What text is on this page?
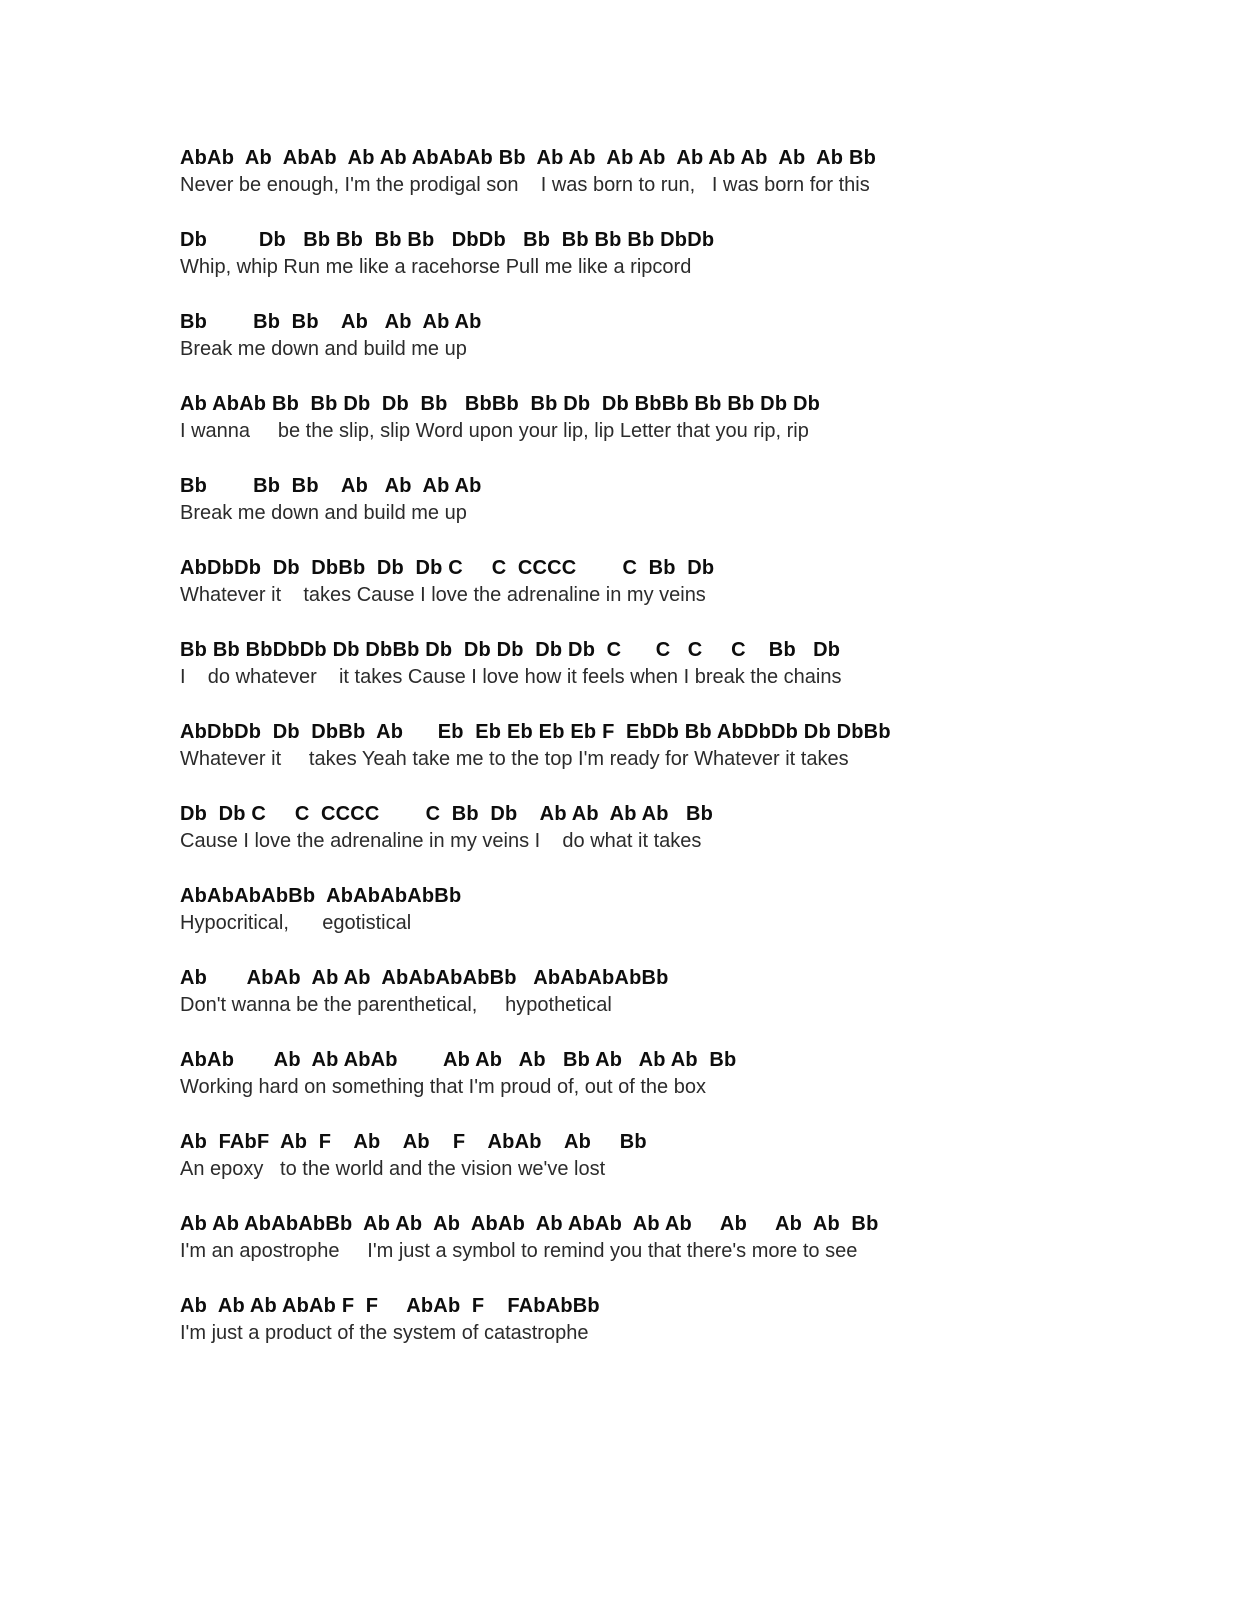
AbAb  Ab  AbAb  Ab Ab AbAbAb Bb  Ab Ab  Ab Ab  Ab Ab Ab  Ab  Ab Bb
Never be enough, I'm the prodigal son    I was born to run,   I was born for this
Db         Db   Bb Bb  Bb Bb   DbDb   Bb  Bb Bb Bb DbDb
Whip, whip Run me like a racehorse Pull me like a ripcord
Bb        Bb  Bb    Ab   Ab  Ab Ab
Break me down and build me up
Ab AbAb Bb  Bb Db  Db  Bb   BbBb  Bb Db  Db BbBb Bb Bb Db Db
I wanna     be the slip, slip Word upon your lip, lip Letter that you rip, rip
Bb        Bb  Bb    Ab   Ab  Ab Ab
Break me down and build me up
AbDbDb  Db  DbBb  Db  Db C     C  CCCC        C  Bb  Db
Whatever it    takes Cause I love the adrenaline in my veins
Bb Bb BbDbDb Db DbBb Db  Db Db  Db Db  C      C   C     C    Bb   Db
I    do whatever    it takes Cause I love how it feels when I break the chains
AbDbDb  Db  DbBb  Ab      Eb  Eb Eb Eb Eb F  EbDb Bb AbDbDb Db DbBb
Whatever it     takes Yeah take me to the top I'm ready for Whatever it takes
Db  Db C     C  CCCC        C  Bb  Db    Ab Ab  Ab Ab   Bb
Cause I love the adrenaline in my veins I    do what it takes
AbAbAbAbBb  AbAbAbAbBb
Hypocritical,      egotistical
Ab       AbAb  Ab Ab  AbAbAbAbBb   AbAbAbAbBb
Don't wanna be the parenthetical,     hypothetical
AbAb       Ab  Ab AbAb        Ab Ab   Ab   Bb Ab   Ab Ab  Bb
Working hard on something that I'm proud of, out of the box
Ab  FAbF  Ab  F    Ab    Ab    F    AbAb    Ab     Bb
An epoxy   to the world and the vision we've lost
Ab Ab AbAbAbBb  Ab Ab  Ab  AbAb  Ab AbAb  Ab Ab     Ab     Ab  Ab  Bb
I'm an apostrophe     I'm just a symbol to remind you that there's more to see
Ab  Ab Ab AbAb F  F     AbAb  F    FAbAbBb
I'm just a product of the system of catastrophe
